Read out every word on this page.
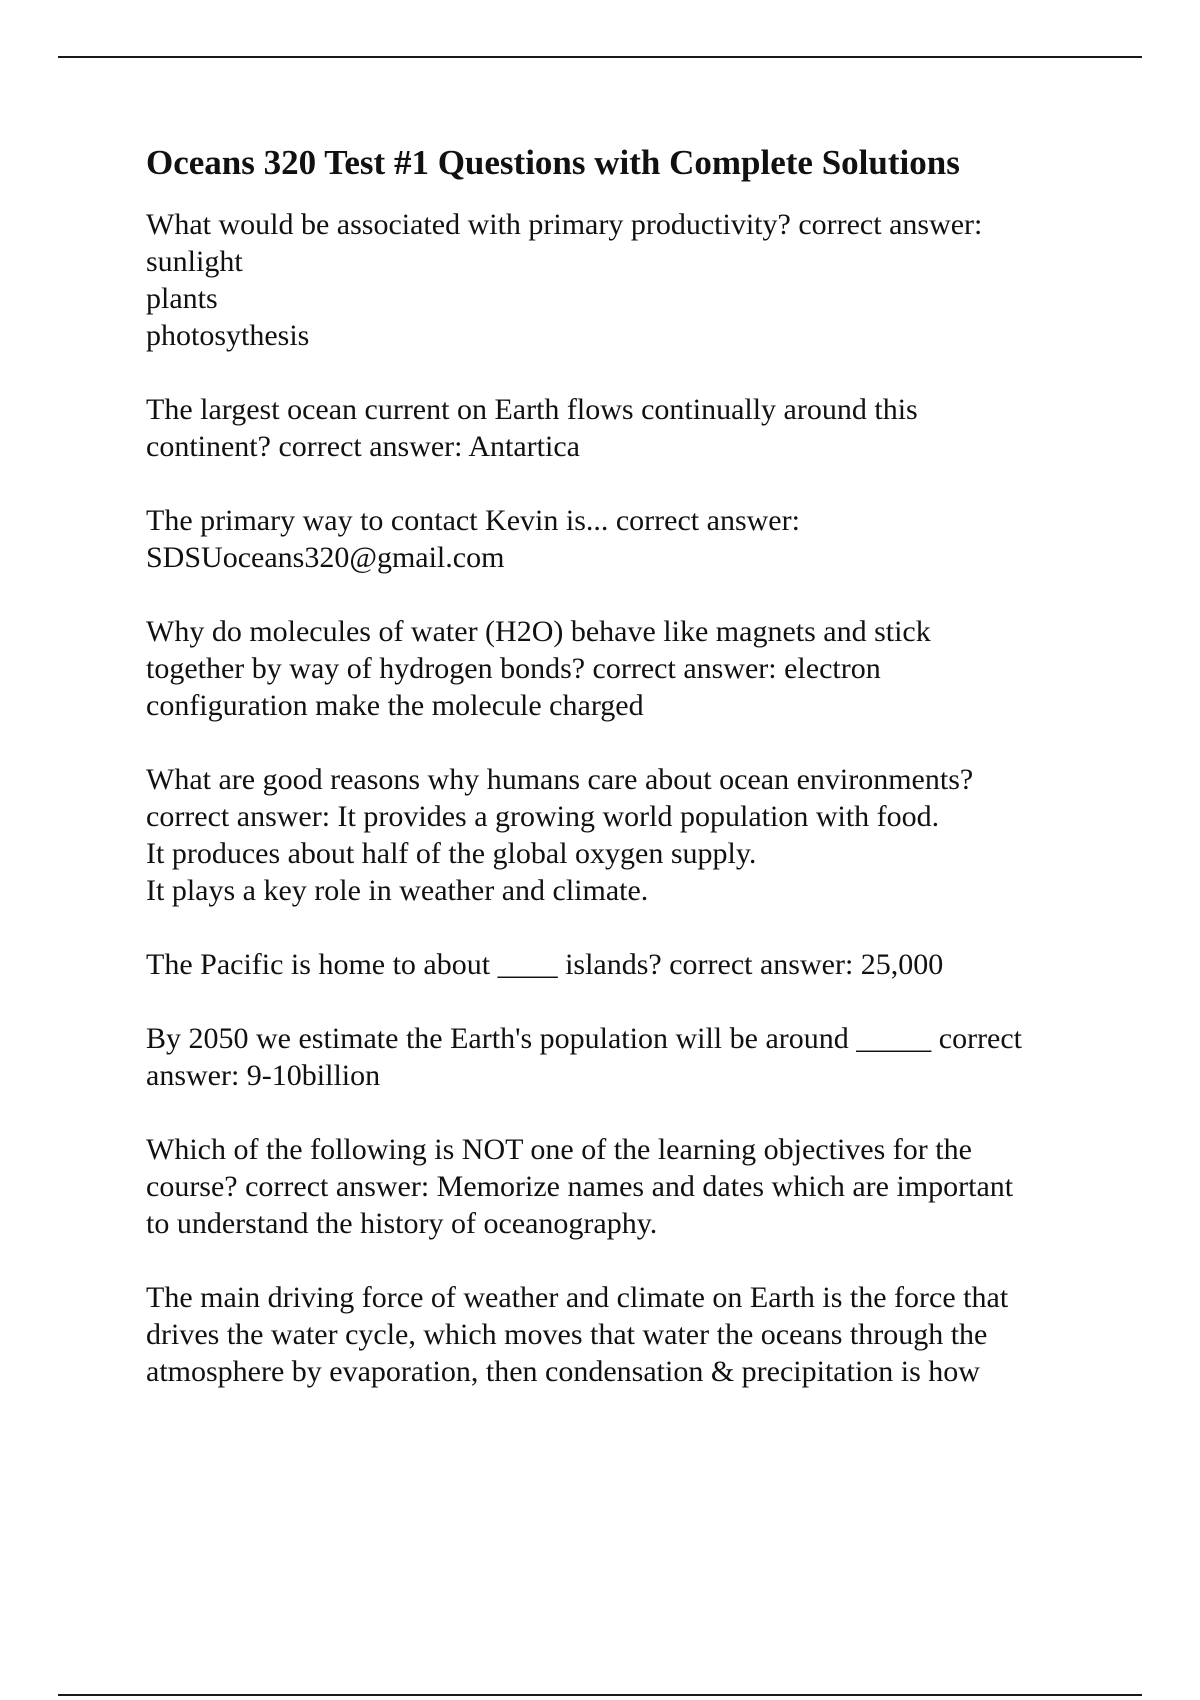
Oceans 320 Test #1 Questions with Complete Solutions
What would be associated with primary productivity? correct answer:
sunlight
plants
photosythesis
The largest ocean current on Earth flows continually around this
continent? correct answer: Antartica
The primary way to contact Kevin is... correct answer:
SDSUoceans320@gmail.com
Why do molecules of water (H2O) behave like magnets and stick
together by way of hydrogen bonds? correct answer: electron
configuration make the molecule charged
What are good reasons why humans care about ocean environments?
correct answer: It provides a growing world population with food.
It produces about half of the global oxygen supply.
It plays a key role in weather and climate.
The Pacific is home to about ____ islands? correct answer: 25,000
By 2050 we estimate the Earth's population will be around _____ correct
answer: 9-10billion
Which of the following is NOT one of the learning objectives for the
course? correct answer: Memorize names and dates which are important
to understand the history of oceanography.
The main driving force of weather and climate on Earth is the force that
drives the water cycle, which moves that water the oceans through the
atmosphere by evaporation, then condensation & precipitation is how
